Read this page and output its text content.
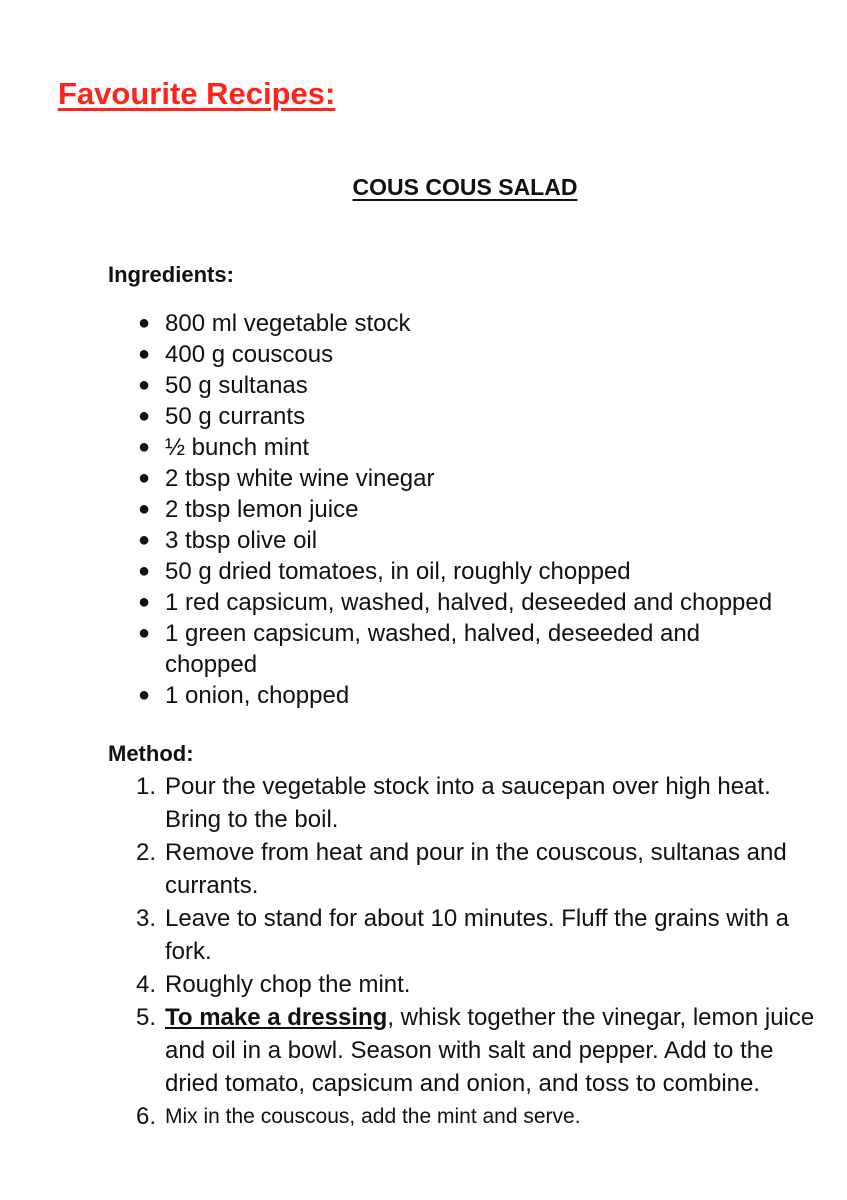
Favourite Recipes:
COUS COUS SALAD
Ingredients:
● 800 ml vegetable stock
● 400 g couscous
● 50 g sultanas
● 50 g currants
● ½ bunch mint
● 2 tbsp white wine vinegar
● 2 tbsp lemon juice
● 3 tbsp olive oil
● 50 g dried tomatoes, in oil, roughly chopped
● 1 red capsicum, washed, halved, deseeded and chopped
● 1 green capsicum, washed, halved, deseeded and chopped
● 1 onion, chopped
Method:
1. Pour the vegetable stock into a saucepan over high heat. Bring to the boil.
2. Remove from heat and pour in the couscous, sultanas and currants.
3. Leave to stand for about 10 minutes. Fluff the grains with a fork.
4. Roughly chop the mint.
5. To make a dressing, whisk together the vinegar, lemon juice and oil in a bowl. Season with salt and pepper. Add to the dried tomato, capsicum and onion, and toss to combine.
6. Mix in the couscous, add the mint and serve.
